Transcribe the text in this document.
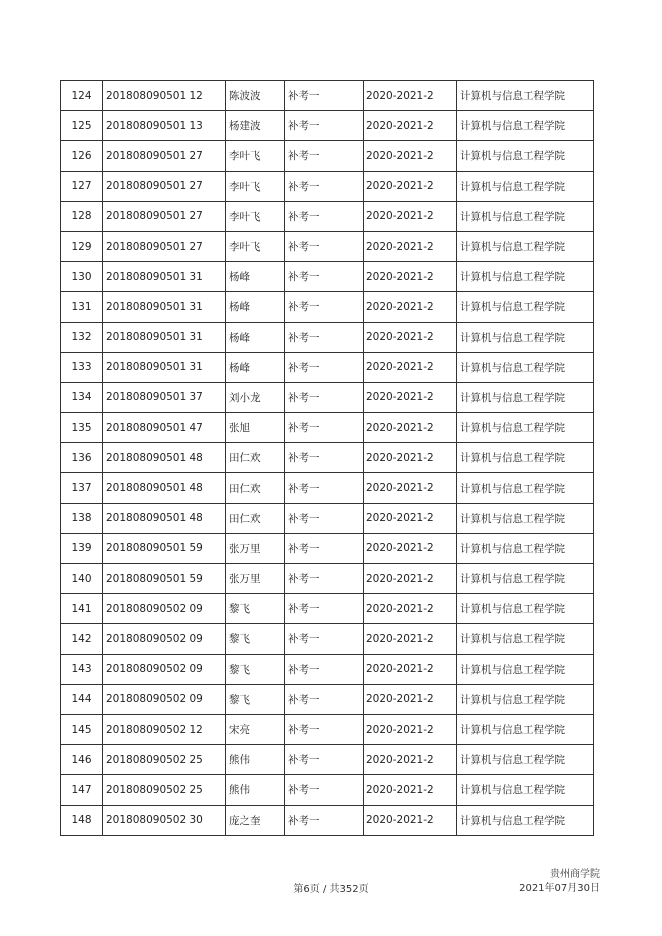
124	201808090501 12	陈波波	补考一	2020-2021-2	计算机与信息工程学院
125	201808090501 13	杨建波	补考一	2020-2021-2	计算机与信息工程学院
126	201808090501 27	李叶飞	补考一	2020-2021-2	计算机与信息工程学院
127	201808090501 27	李叶飞	补考一	2020-2021-2	计算机与信息工程学院
128	201808090501 27	李叶飞	补考一	2020-2021-2	计算机与信息工程学院
129	201808090501 27	李叶飞	补考一	2020-2021-2	计算机与信息工程学院
130	201808090501 31	杨峰	补考一	2020-2021-2	计算机与信息工程学院
131	201808090501 31	杨峰	补考一	2020-2021-2	计算机与信息工程学院
132	201808090501 31	杨峰	补考一	2020-2021-2	计算机与信息工程学院
133	201808090501 31	杨峰	补考一	2020-2021-2	计算机与信息工程学院
134	201808090501 37	刘小龙	补考一	2020-2021-2	计算机与信息工程学院
135	201808090501 47	张旭	补考一	2020-2021-2	计算机与信息工程学院
136	201808090501 48	田仁欢	补考一	2020-2021-2	计算机与信息工程学院
137	201808090501 48	田仁欢	补考一	2020-2021-2	计算机与信息工程学院
138	201808090501 48	田仁欢	补考一	2020-2021-2	计算机与信息工程学院
139	201808090501 59	张万里	补考一	2020-2021-2	计算机与信息工程学院
140	201808090501 59	张万里	补考一	2020-2021-2	计算机与信息工程学院
141	201808090502 09	黎飞	补考一	2020-2021-2	计算机与信息工程学院
142	201808090502 09	黎飞	补考一	2020-2021-2	计算机与信息工程学院
143	201808090502 09	黎飞	补考一	2020-2021-2	计算机与信息工程学院
144	201808090502 09	黎飞	补考一	2020-2021-2	计算机与信息工程学院
145	201808090502 12	宋亮	补考一	2020-2021-2	计算机与信息工程学院
146	201808090502 25	熊伟	补考一	2020-2021-2	计算机与信息工程学院
147	201808090502 25	熊伟	补考一	2020-2021-2	计算机与信息工程学院
148	201808090502 30	庞之奎	补考一	2020-2021-2	计算机与信息工程学院
第6页 / 共352页
贵州商学院
2021年07月30日
